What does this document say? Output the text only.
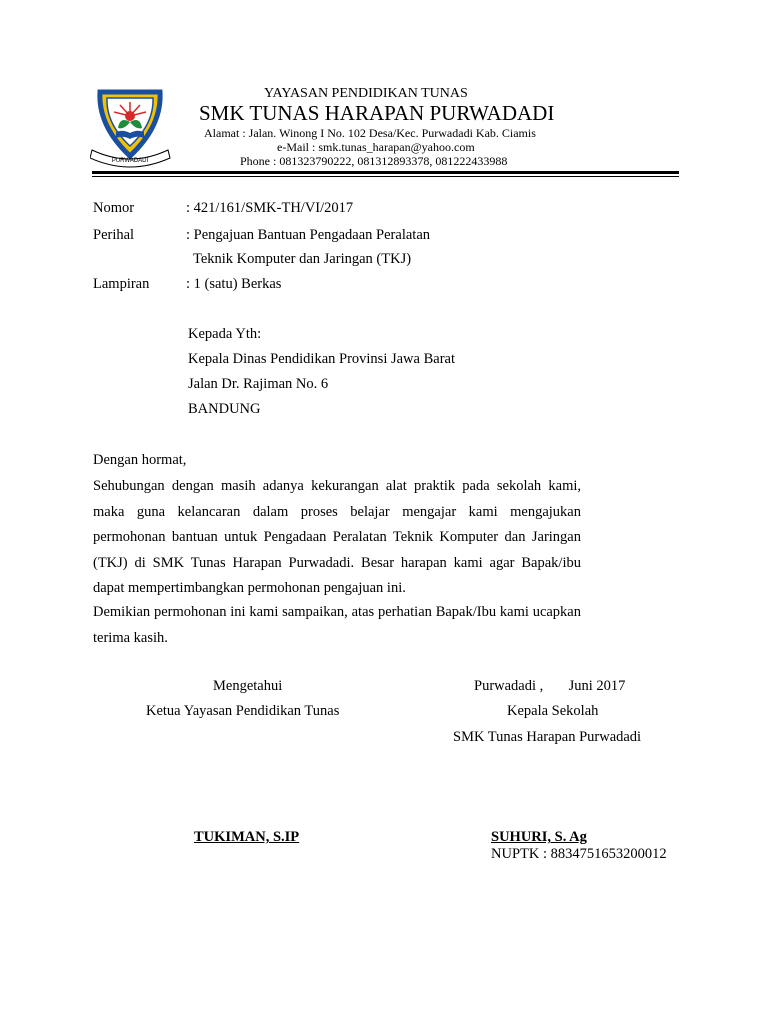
PURWADADI
YAYASAN PENDIDIKAN TUNAS
SMK TUNAS HARAPAN PURWADADI
Alamat : Jalan. Winong I No. 102 Desa/Kec. Purwadadi Kab. Ciamis
e-Mail : smk.tunas_harapan@yahoo.com
Phone : 081323790222, 081312893378, 081222433988
Nomor	: 421/161/SMK-TH/VI/2017
Perihal	: Pengajuan Bantuan Pengadaan Peralatan
Teknik Komputer dan Jaringan (TKJ)
Lampiran	: 1 (satu) Berkas
Kepada Yth:
Kepala Dinas Pendidikan Provinsi Jawa Barat
Jalan Dr. Rajiman No. 6
BANDUNG
Dengan hormat,
Sehubungan dengan masih adanya kekurangan alat praktik pada sekolah kami, maka guna kelancaran dalam proses belajar mengajar kami mengajukan permohonan bantuan untuk Pengadaan Peralatan Teknik Komputer dan Jaringan (TKJ) di SMK Tunas Harapan Purwadadi. Besar harapan kami agar Bapak/ibu dapat mempertimbangkan permohonan pengajuan ini.
Demikian permohonan ini kami sampaikan, atas perhatian Bapak/Ibu kami ucapkan terima kasih.
Mengetahui
Ketua Yayasan Pendidikan Tunas
TUKIMAN, S.IP
Purwadadi ,       Juni 2017
Kepala Sekolah
SMK Tunas Harapan Purwadadi
SUHURI, S. Ag
NUPTK : 8834751653200012
